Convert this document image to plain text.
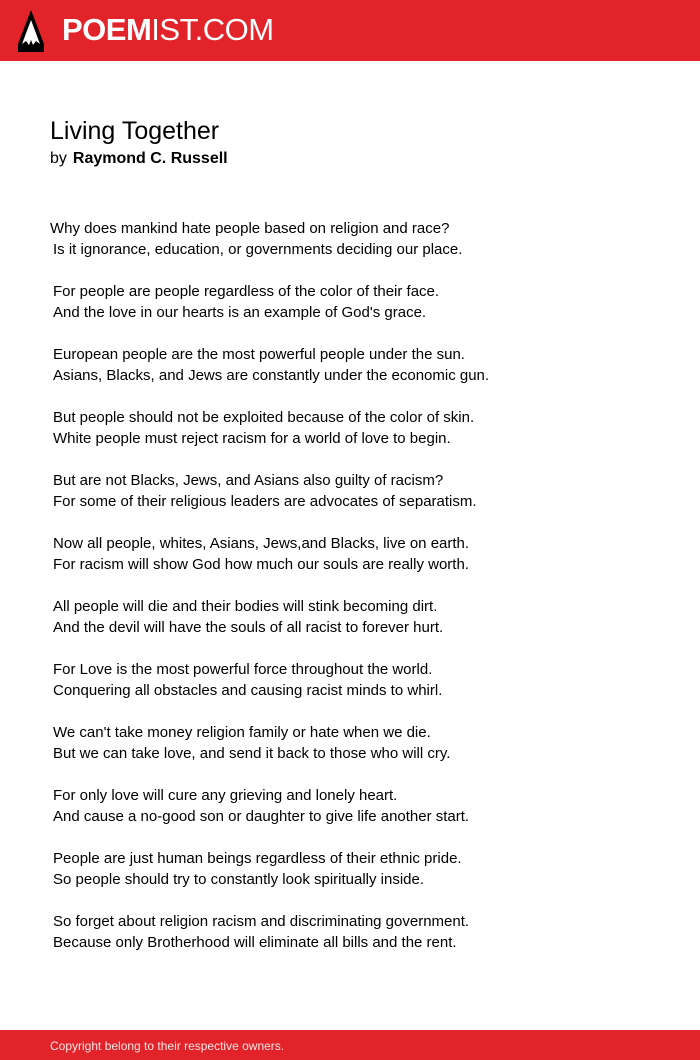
POEMIST.COM
Living Together
by Raymond C. Russell
Why does mankind hate people based on religion and race?
Is it ignorance, education, or governments deciding our place.
For people are people regardless of the color of their face.
And the love in our hearts is an example of God's grace.
European people are the most powerful people under the sun.
Asians, Blacks, and Jews are constantly under the economic gun.
But people should not be exploited because of the color of skin.
White people must reject racism for a world of love to begin.
But are not Blacks, Jews, and Asians also guilty of racism?
For some of their religious leaders are advocates of separatism.
Now all people, whites, Asians, Jews,and Blacks, live on earth.
For racism will show God how much our souls are really worth.
All people will die and their bodies will stink becoming dirt.
And the devil will have the souls of all racist to forever hurt.
For Love is the most powerful force throughout the world.
Conquering all obstacles and causing racist minds to whirl.
We can't take money religion family or hate when we die.
But we can take love, and send it back to those who will cry.
For only love will cure any grieving and lonely heart.
And cause a no-good son or daughter to give life another start.
People are just human beings regardless of their ethnic pride.
So people should try to constantly look spiritually inside.
So forget about religion racism and discriminating government.
Because only Brotherhood will eliminate all bills and the rent.
Copyright belong to their respective owners.
